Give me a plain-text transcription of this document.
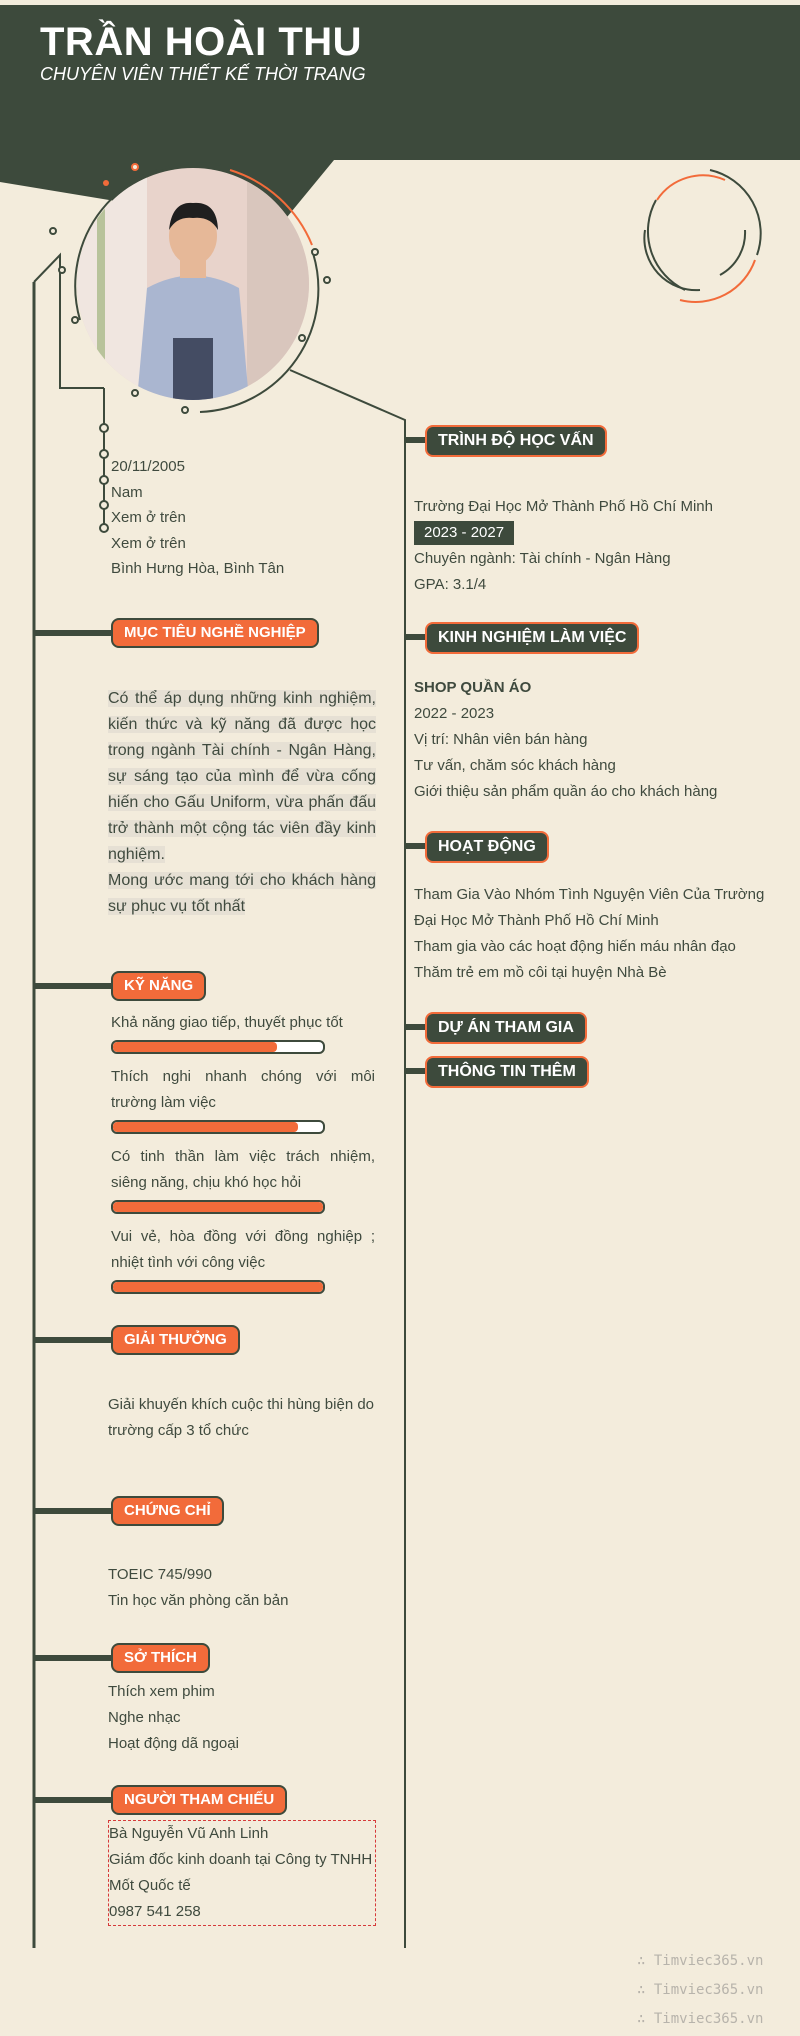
TRẦN HOÀI THU
CHUYÊN VIÊN THIẾT KẾ THỜI TRANG
20/11/2005
Nam
Xem ở trên
Xem ở trên
Bình Hưng Hòa, Bình Tân
MỤC TIÊU NGHỀ NGHIỆP
Có thể áp dụng những kinh nghiệm, kiến thức và kỹ năng đã được học trong ngành Tài chính - Ngân Hàng, sự sáng tạo của mình để vừa cống hiến cho Gấu Uniform, vừa phấn đấu trở thành một cộng tác viên đầy kinh nghiệm.
Mong ước mang tới cho khách hàng sự phục vụ tốt nhất
KỸ NĂNG
Khả năng giao tiếp, thuyết phục tốt
Thích nghi nhanh chóng với môi trường làm việc
Có tinh thần làm việc trách nhiệm, siêng năng, chịu khó học hỏi
Vui vẻ, hòa đồng với đồng nghiệp ; nhiệt tình với công việc
GIẢI THƯỞNG
Giải khuyến khích cuộc thi hùng biện do trường cấp 3 tổ chức
CHỨNG CHỈ
TOEIC 745/990
Tin học văn phòng căn bản
SỞ THÍCH
Thích xem phim
Nghe nhạc
Hoạt động dã ngoại
NGƯỜI THAM CHIẾU
Bà Nguyễn Vũ Anh Linh
Giám đốc kinh doanh tại Công ty TNHH Mốt Quốc tế
0987 541 258
TRÌNH ĐỘ HỌC VẤN
Trường Đại Học Mở Thành Phố Hồ Chí Minh
2023 - 2027
Chuyên ngành: Tài chính - Ngân Hàng
GPA: 3.1/4
KINH NGHIỆM LÀM VIỆC
SHOP QUẦN ÁO
2022 - 2023
Vị trí: Nhân viên bán hàng
Tư vấn, chăm sóc khách hàng
Giới thiệu sản phẩm quần áo cho khách hàng
HOẠT ĐỘNG
Tham Gia Vào Nhóm Tình Nguyện Viên Của Trường Đại Học Mở Thành Phố Hồ Chí Minh
Tham gia vào các hoạt động hiến máu nhân đạo
Thăm trẻ em mồ côi tại huyện Nhà Bè
DỰ ÁN THAM GIA
THÔNG TIN THÊM
∴ Timviec365.vn
∴ Timviec365.vn
∴ Timviec365.vn
